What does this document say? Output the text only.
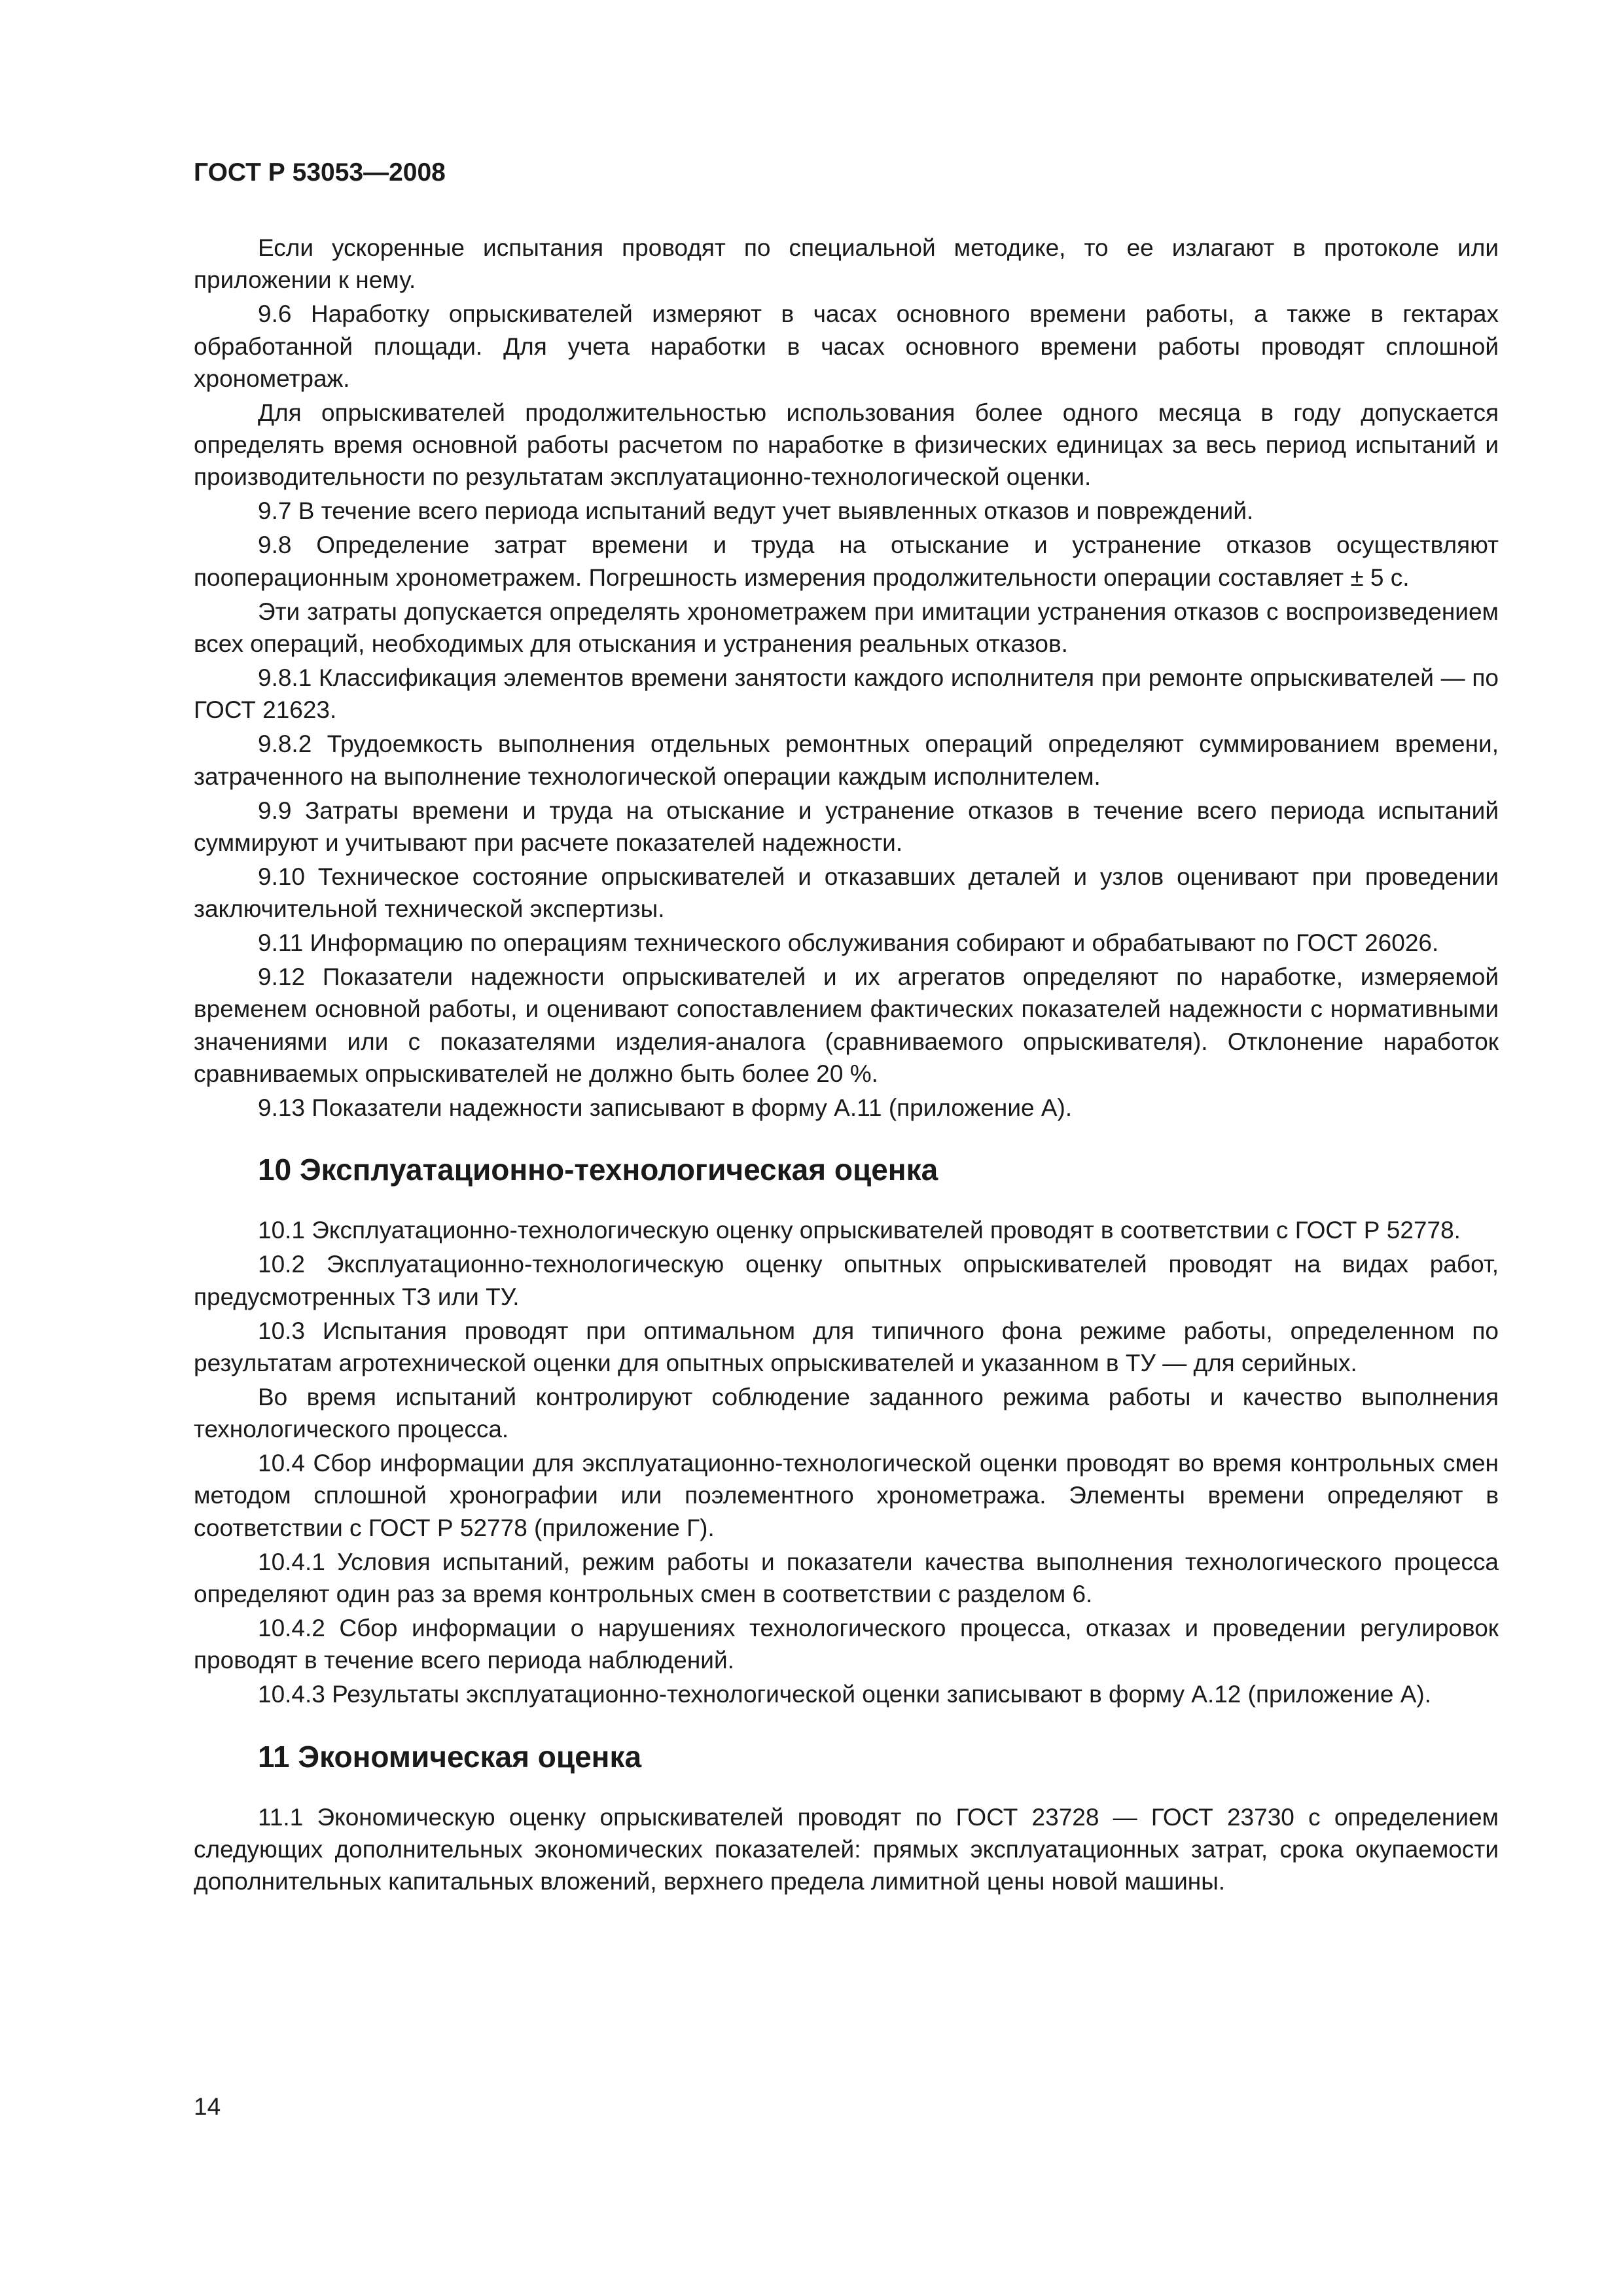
ГОСТ Р 53053—2008

Если ускоренные испытания проводят по специальной методике, то ее излагают в протоколе или приложении к нему.

9.6 Наработку опрыскивателей измеряют в часах основного времени работы, а также в гектарах обработанной площади. Для учета наработки в часах основного времени работы проводят сплошной хронометраж.

Для опрыскивателей продолжительностью использования более одного месяца в году допускается определять время основной работы расчетом по наработке в физических единицах за весь период испытаний и производительности по результатам эксплуатационно-технологической оценки.

9.7 В течение всего периода испытаний ведут учет выявленных отказов и повреждений.

9.8 Определение затрат времени и труда на отыскание и устранение отказов осуществляют пооперационным хронометражем. Погрешность измерения продолжительности операции составляет ± 5 с.

Эти затраты допускается определять хронометражем при имитации устранения отказов с воспроизведением всех операций, необходимых для отыскания и устранения реальных отказов.

9.8.1 Классификация элементов времени занятости каждого исполнителя при ремонте опрыскивателей — по ГОСТ 21623.

9.8.2 Трудоемкость выполнения отдельных ремонтных операций определяют суммированием времени, затраченного на выполнение технологической операции каждым исполнителем.

9.9 Затраты времени и труда на отыскание и устранение отказов в течение всего периода испытаний суммируют и учитывают при расчете показателей надежности.

9.10 Техническое состояние опрыскивателей и отказавших деталей и узлов оценивают при проведении заключительной технической экспертизы.

9.11 Информацию по операциям технического обслуживания собирают и обрабатывают по ГОСТ 26026.

9.12 Показатели надежности опрыскивателей и их агрегатов определяют по наработке, измеряемой временем основной работы, и оценивают сопоставлением фактических показателей надежности с нормативными значениями или с показателями изделия-аналога (сравниваемого опрыскивателя). Отклонение наработок сравниваемых опрыскивателей не должно быть более 20 %.

9.13 Показатели надежности записывают в форму А.11 (приложение А).

10 Эксплуатационно-технологическая оценка

10.1 Эксплуатационно-технологическую оценку опрыскивателей проводят в соответствии с ГОСТ Р 52778.

10.2 Эксплуатационно-технологическую оценку опытных опрыскивателей проводят на видах работ, предусмотренных ТЗ или ТУ.

10.3 Испытания проводят при оптимальном для типичного фона режиме работы, определенном по результатам агротехнической оценки для опытных опрыскивателей и указанном в ТУ — для серийных.

Во время испытаний контролируют соблюдение заданного режима работы и качество выполнения технологического процесса.

10.4 Сбор информации для эксплуатационно-технологической оценки проводят во время контрольных смен методом сплошной хронографии или поэлементного хронометража. Элементы времени определяют в соответствии с ГОСТ Р 52778 (приложение Г).

10.4.1 Условия испытаний, режим работы и показатели качества выполнения технологического процесса определяют один раз за время контрольных смен в соответствии с разделом 6.

10.4.2 Сбор информации о нарушениях технологического процесса, отказах и проведении регулировок проводят в течение всего периода наблюдений.

10.4.3 Результаты эксплуатационно-технологической оценки записывают в форму А.12 (приложение А).

11 Экономическая оценка

11.1 Экономическую оценку опрыскивателей проводят по ГОСТ 23728 — ГОСТ 23730 с определением следующих дополнительных экономических показателей: прямых эксплуатационных затрат, срока окупаемости дополнительных капитальных вложений, верхнего предела лимитной цены новой машины.

14
